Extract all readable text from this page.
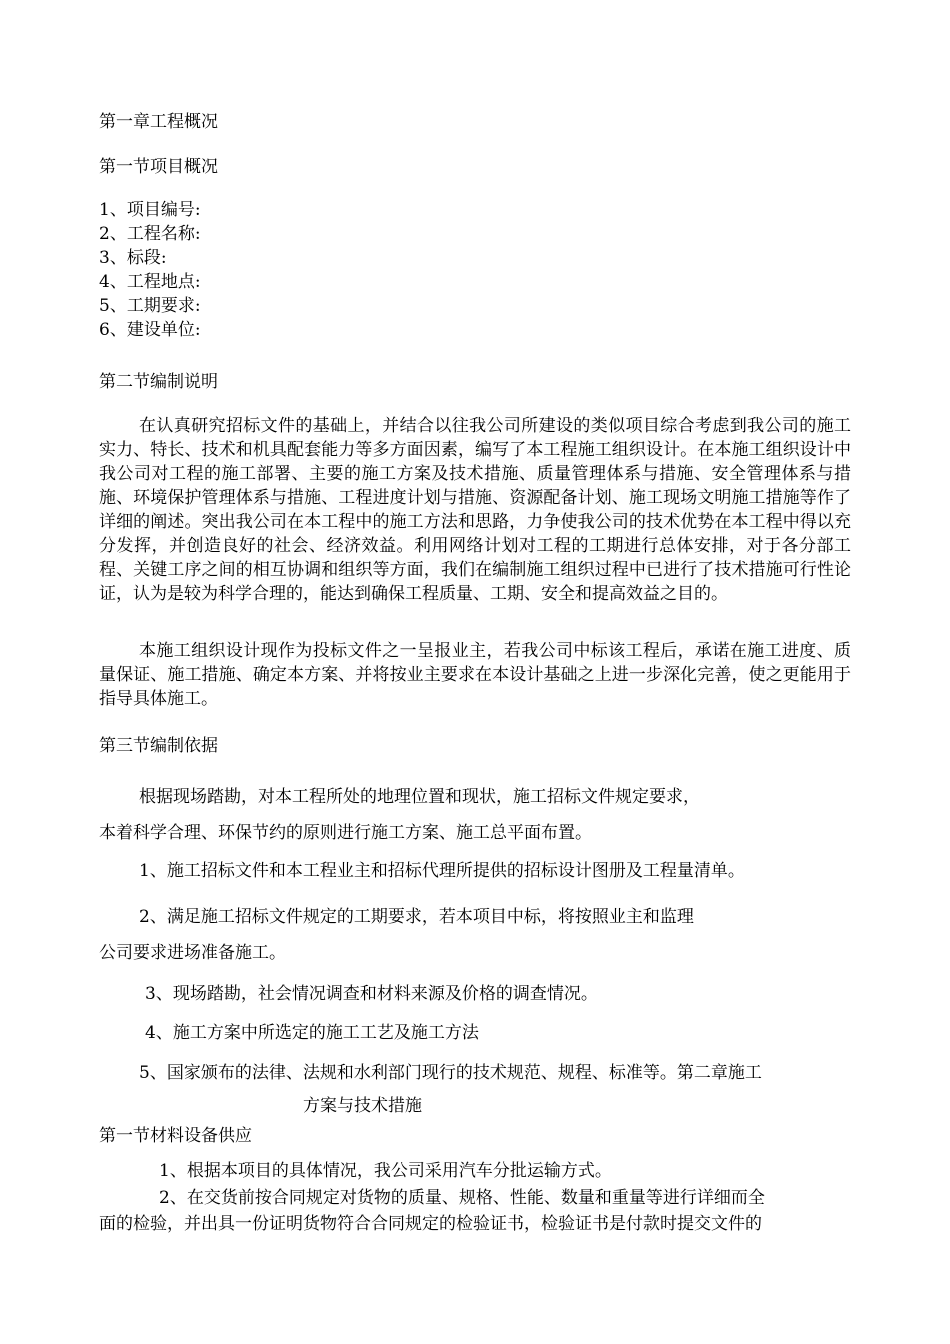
第一章工程概况
第一节项目概况
1、项目编号:
2、工程名称:
3、标段:
4、工程地点:
5、工期要求:
6、建设单位:
第二节编制说明

在认真研究招标文件的基础上，并结合以往我公司所建设的类似项目综合考虑到我公司的施工实力、特长、技术和机具配套能力等多方面因素，编写了本工程施工组织设计。在本施工组织设计中我公司对工程的施工部署、主要的施工方案及技术措施、质量管理体系与措施、安全管理体系与措施、环境保护管理体系与措施、工程进度计划与措施、资源配备计划、施工现场文明施工措施等作了详细的阐述。突出我公司在本工程中的施工方法和思路，力争使我公司的技术优势在本工程中得以充分发挥，并创造良好的社会、经济效益。利用网络计划对工程的工期进行总体安排，对于各分部工程、关键工序之间的相互协调和组织等方面，我们在编制施工组织过程中已进行了技术措施可行性论证，认为是较为科学合理的，能达到确保工程质量、工期、安全和提高效益之目的。

本施工组织设计现作为投标文件之一呈报业主，若我公司中标该工程后，承诺在施工进度、质量保证、施工措施、确定本方案、并将按业主要求在本设计基础之上进一步深化完善，使之更能用于指导具体施工。

第三节编制依据
根据现场踏勘，对本工程所处的地理位置和现状，施工招标文件规定要求，
本着科学合理、环保节约的原则进行施工方案、施工总平面布置。
1、施工招标文件和本工程业主和招标代理所提供的招标设计图册及工程量清单。
2、满足施工招标文件规定的工期要求，若本项目中标，将按照业主和监理
公司要求进场准备施工。
3、现场踏勘，社会情况调查和材料来源及价格的调查情况。
4、施工方案中所选定的施工工艺及施工方法
5、国家颁布的法律、法规和水利部门现行的技术规范、规程、标准等。第二章施工
方案与技术措施
第一节材料设备供应
1、根据本项目的具体情况，我公司采用汽车分批运输方式。
2、在交货前按合同规定对货物的质量、规格、性能、数量和重量等进行详细而全
面的检验，并出具一份证明货物符合合同规定的检验证书，检验证书是付款时提交文件的
